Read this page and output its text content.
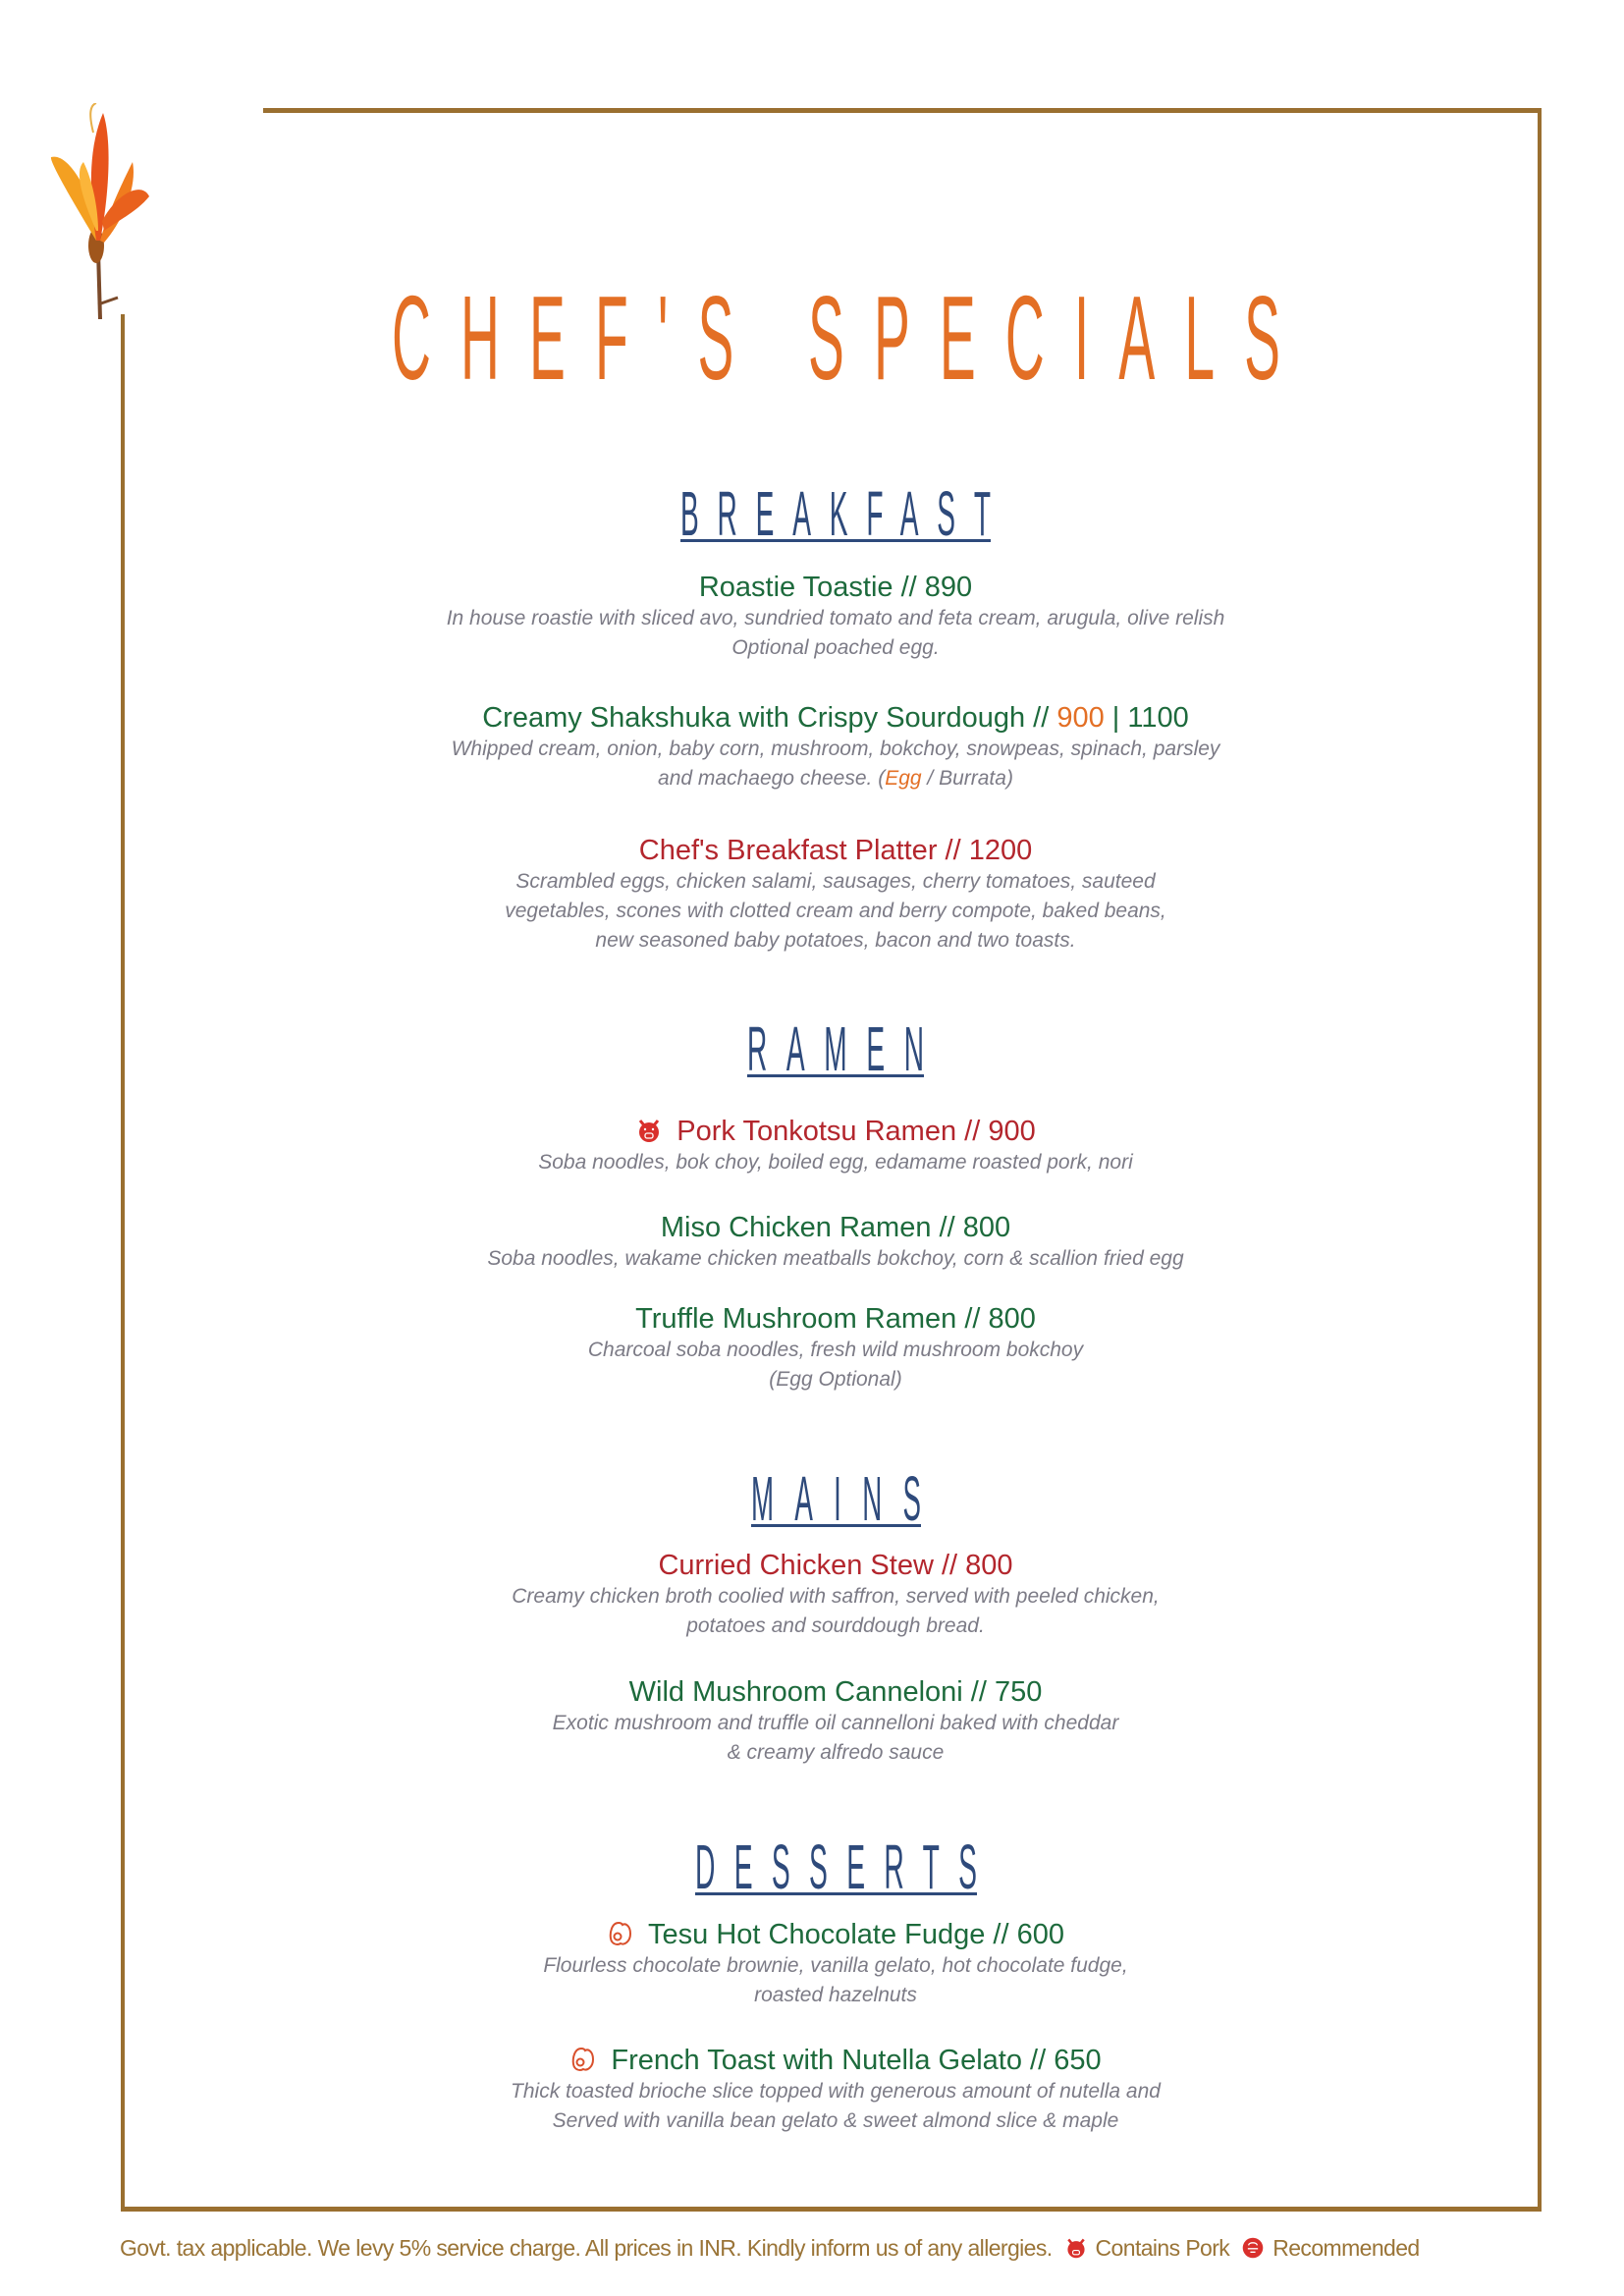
CHEF'S SPECIALS
BREAKFAST
Roastie Toastie // 890
In house roastie with sliced avo, sundried tomato and feta cream, arugula, olive relish
Optional poached egg.
Creamy Shakshuka with Crispy Sourdough // 900 | 1100
Whipped cream, onion, baby corn, mushroom, bokchoy, snowpeas, spinach, parsley
and machaego cheese. (Egg / Burrata)
Chef's Breakfast Platter // 1200
Scrambled eggs, chicken salami, sausages, cherry tomatoes, sauteed
vegetables, scones with clotted cream and berry compote, baked beans,
new seasoned baby potatoes, bacon and two toasts.
RAMEN
Pork Tonkotsu Ramen // 900
Soba noodles, bok choy, boiled egg, edamame roasted pork, nori
Miso Chicken Ramen // 800
Soba noodles, wakame chicken meatballs bokchoy, corn & scallion fried egg
Truffle Mushroom Ramen // 800
Charcoal soba noodles, fresh wild mushroom bokchoy
(Egg Optional)
MAINS
Curried Chicken Stew // 800
Creamy chicken broth coolied with saffron, served with peeled chicken,
potatoes and sourddough bread.
Wild Mushroom Canneloni // 750
Exotic mushroom and truffle oil cannelloni baked with cheddar
& creamy alfredo sauce
DESSERTS
Tesu Hot Chocolate Fudge // 600
Flourless chocolate brownie, vanilla gelato, hot chocolate fudge,
roasted hazelnuts
French Toast with Nutella Gelato // 650
Thick toasted brioche slice topped with generous amount of nutella and
Served with vanilla bean gelato & sweet almond slice & maple
Govt. tax applicable. We levy 5% service charge. All prices in INR. Kindly inform us of any allergies. Contains Pork Recommended
